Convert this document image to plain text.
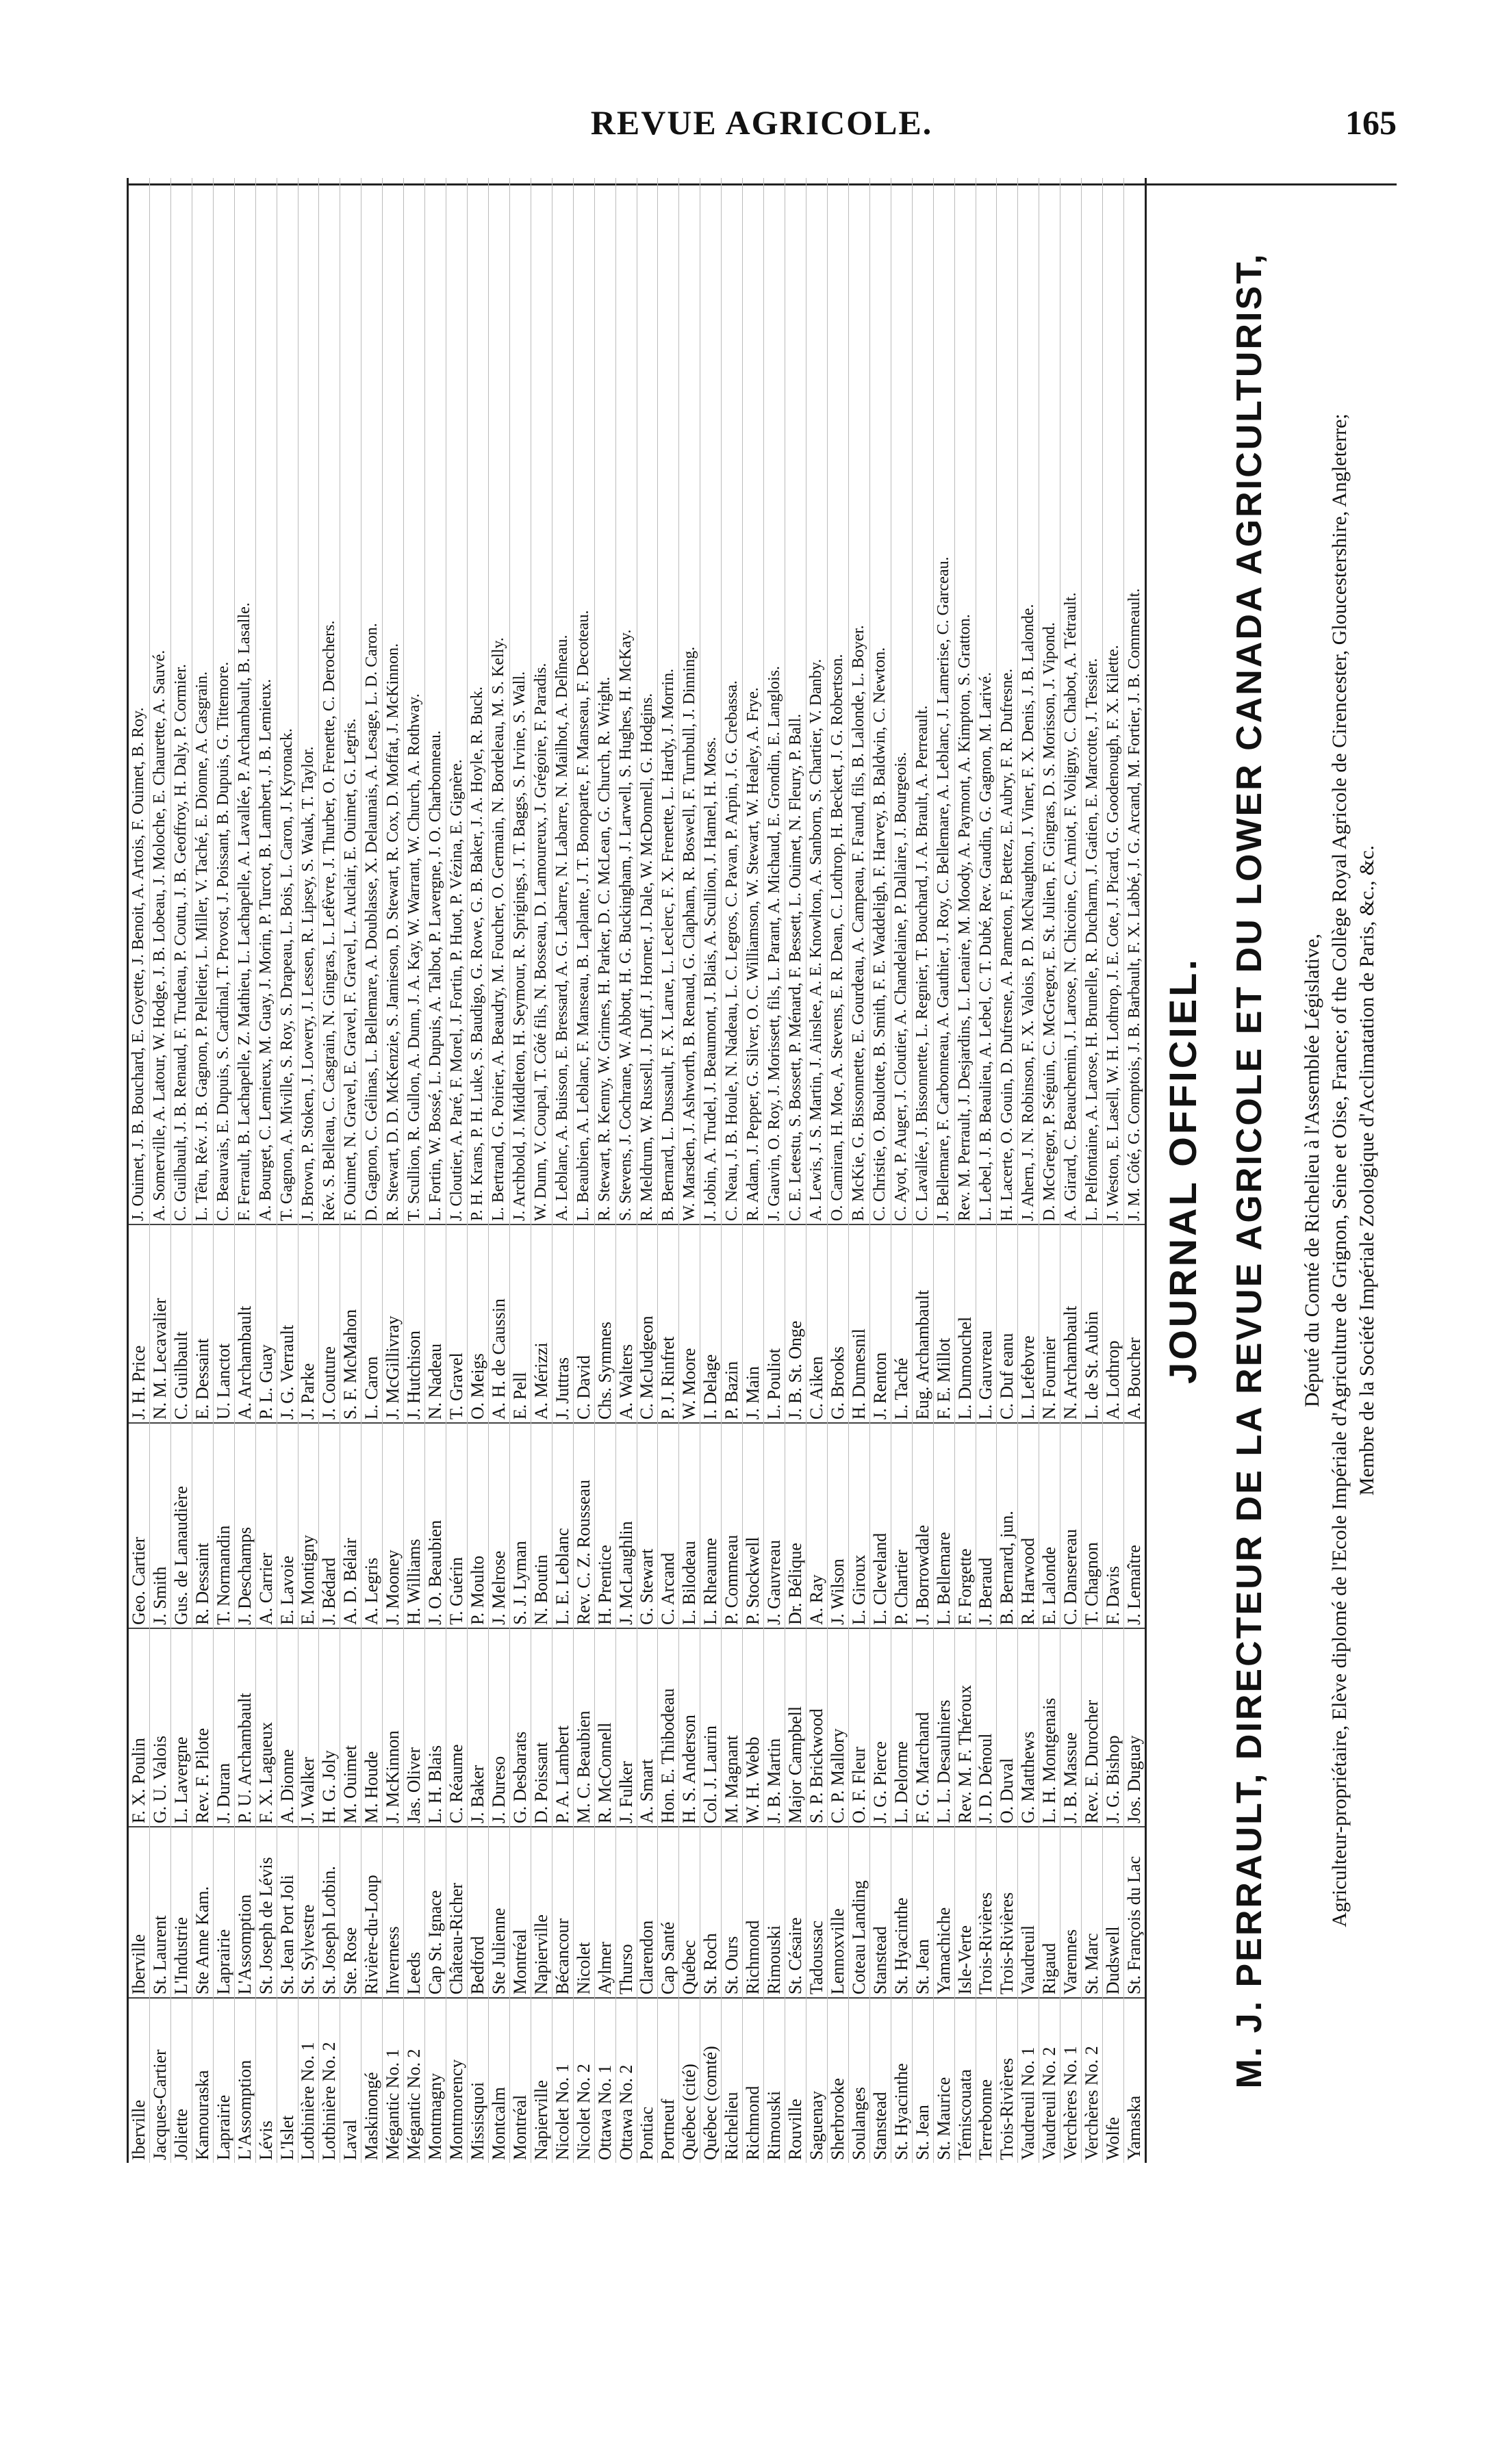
REVUE AGRICOLE.	165
Iberville
Iberville
F. X. Poulin
Geo. Cartier
J. H. Price
J. Ouimet, J. B. Bouchard, E. Goyette, J. Benoit, A. Artois, F. Ouimet, B. Roy.
Jacques-Cartier
St. Laurent
G. U. Valois
J. Smith
N. M. Lecavalier
A. Somerville, A. Latour, W. Hodge, J. B. Lobeau, J. Moloche, E. Chaurette, A. Sauvé.
Joliette
L'Industrie
L. Lavergne
Gus. de Lanaudière
C. Guilbault
C. Guilbault, J. B. Renaud, F. Trudeau, P. Coutu, J. B. Geoffroy, H. Daly, P. Cormier.
Kamouraska
Ste Anne Kam.
Rev. F. Pilote
R. Dessaint
E. Dessaint
L. Têtu, Rév. J. B. Gagnon, P. Pelletier, L. Miller, V. Taché, E. Dionne, A. Casgrain.
Laprairie
Laprairie
J. Duran
T. Normandin
U. Lanctot
C. Beauvais, E. Dupuis, S. Cardinal, T. Provost, J. Poissant, B. Dupuis, G. Tittemore.
L'Assomption
L'Assomption
P. U. Archambault
J. Deschamps
A. Archambault
F. Ferrault, B. Lachapelle, Z. Mathieu, L. Lachapelle, A. Lavallée, P. Archambault, B. Lasalle.
Lévis
St. Joseph de Lévis
F. X. Lagueux
A. Carrier
P. L. Guay
A. Bourget, C. Lemieux, M. Guay, J. Morin, P. Turcot, B. Lambert, J. B. Lemieux.
L'Islet
St. Jean Port Joli
A. Dionne
E. Lavoie
J. G. Verrault
T. Gagnon, A. Miville, S. Roy, S. Drapeau, L. Bois, L. Caron, J. Kyronack.
Lotbinière No. 1
St. Sylvestre
J. Walker
E. Montigny
J. Parke
J. Brown, P. Stoken, J. Lowery, J. Lessen, R. Lipsey, S. Wauk, T. Taylor.
Lotbinière No. 2
St. Joseph Lotbin.
H. G. Joly
J. Bédard
J. Couture
Rév. S. Belleau, C. Casgrain, N. Gingras, L. Lefèvre, J. Thurber, O. Frenette, C. Derochers.
Laval
Ste. Rose
M. Ouimet
A. D. Bélair
S. F. McMahon
F. Ouimet, N. Gravel, E. Gravel, F. Gravel, L. Auclair, E. Ouimet, G. Legris.
Maskinongé
Rivière-du-Loup
M. Houde
A. Legris
L. Caron
D. Gagnon, C. Gélinas, L. Bellemare, A. Doublasse, X. Delaunais, A. Lesage, L. D. Caron.
Mégantic No. 1
Inverness
J. McKinnon
J. Mooney
J. McGillivray
R. Stewart, D. D. McKenzie, S. Jamieson, D. Stewart, R. Cox, D. Moffat, J. McKinnon.
Mégantic No. 2
Leeds
Jas. Oliver
H. Williams
J. Hutchison
T. Scullion, R. Gullon, A. Dunn, J. A. Kay, W. Warrant, W. Church, A. Rothway.
Montmagny
Cap St. Ignace
L. H. Blais
J. O. Beaubien
N. Nadeau
L. Fortin, W. Bossé, L. Dupuis, A. Talbot, P. Lavergne, J. O. Charbonneau.
Montmorency
Château-Richer
C. Réaume
T. Guérin
T. Gravel
J. Cloutier, A. Paré, F. Morel, J. Fortin, P. Huot, P. Vézina, E. Gignère.
Missisquoi
Bedford
J. Baker
P. Moulto
O. Meigs
P. H. Krans, P. H. Luke, S. Baudigo, G. Rowe, G. B. Baker, J. A. Hoyle, R. Buck.
Montcalm
Ste Julienne
J. Dureso
J. Melrose
A. H. de Caussin
L. Bertrand, G. Poirier, A. Beaudry, M. Foucher, O. Germain, N. Bordeleau, M. S. Kelly.
Montréal
Montréal
G. Desbarats
S. J. Lyman
E. Pell
J. Archbold, J. Middleton, H. Seymour, R. Sprigings, J. T. Baggs, S. Irvine, S. Wall.
Napierville
Napierville
D. Poissant
N. Boutin
A. Mérizzi
W. Dunn, V. Coupal, T. Côté fils, N. Bosseau, D. Lamoureux, J. Grégoire, F. Paradis.
Nicolet No. 1
Bécancour
P. A. Lambert
L. E. Leblanc
J. Juttras
A. Leblanc, A. Buisson, E. Bressard, A. G. Labarre, N. Labarre, N. Mailhot, A. Delîneau.
Nicolet No. 2
Nicolet
M. C. Beaubien
Rev. C. Z. Rousseau
C. David
L. Beaubien, A. Leblanc, F. Manseau, B. Laplante, J. T. Bonoparte, F. Manseau, F. Decoteau.
Ottawa No. 1
Aylmer
R. McConnell
H. Prentice
Chs. Symmes
R. Stewart, R. Kenny, W. Grimes, H. Parker, D. C. McLean, G. Church, R. Wright.
Ottawa No. 2
Thurso
J. Fulker
J. McLaughlin
A. Walters
S. Stevens, J. Cochrane, W. Abbott, H. G. Buckingham, J. Larwell, S. Hughes, H. McKay.
Pontiac
Clarendon
A. Smart
G. Stewart
C. McJudgeon
R. Meldrum, W. Russell, J. Duff, J. Horner, J. Dale, W. McDonnell, G. Hodgins.
Portneuf
Cap Santé
Hon. E. Thibodeau
C. Arcand
P. J. Rinfret
B. Bernard, L. Dussault, F. X. Larue, L. Leclerc, F. X. Frenette, L. Hardy, J. Morrin.
Québec (cité)
Québec
H. S. Anderson
L. Bilodeau
W. Moore
W. Marsden, J. Ashworth, B. Renaud, G. Clapham, R. Boswell, F. Turnbull, J. Dinning.
Québec (comté)
St. Roch
Col. J. Laurin
L. Rheaume
I. Delage
J. Jobin, A. Trudel, J. Beaumont, J. Blais, A. Scullion, J. Hamel, H. Moss.
Richelieu
St. Ours
M. Magnant
P. Commeau
P. Bazin
C. Neau, J. B. Houle, N. Nadeau, L. C. Legros, C. Pavan, P. Arpin, J. G. Crebassa.
Richmond
Richmond
W. H. Webb
P. Stockwell
J. Main
R. Adam, J. Pepper, G. Silver, O. C. Williamson, W. Stewart, W. Healey, A. Frye.
Rimouski
Rimouski
J. B. Martin
J. Gauvreau
L. Pouliot
J. Gauvin, O. Roy, J. Morissett, fils, L. Parant, A. Michaud, E. Grondin, E. Langlois.
Rouville
St. Césaire
Major Campbell
Dr. Bélique
J. B. St. Onge
C. E. Letestu, S. Bossett, P. Ménard, F. Bessett, L. Ouimet, N. Fleury, P. Ball.
Saguenay
Tadoussac
S. P. Brickwood
A. Ray
C. Aiken
A. Lewis, J. S. Martin, J. Ainslee, A. E. Knowlton, A. Sanborn, S. Chartier, V. Danby.
Sherbrooke
Lennoxville
C. P. Mallory
J. Wilson
G. Brooks
O. Camiran, H. Moe, A. Stevens, E. R. Dean, C. Lothrop, H. Beckett, J. G. Robertson.
Soulanges
Coteau Landing
O. F. Fleur
L. Giroux
H. Dumesnil
B. McKie, G. Bissonnette, E. Gourdeau, A. Campeau, F. Faund, fils, B. Lalonde, L. Boyer.
Stanstead
Stanstead
J. G. Pierce
L. Cleveland
J. Renton
C. Christie, O. Boulotte, B. Smith, F. E. Waddeligh, F. Harvey, B. Baldwin, C. Newton.
St. Hyacinthe
St. Hyacinthe
L. Delorme
P. Chartier
L. Taché
C. Ayot, P. Auger, J. Cloutier, A. Chandelaine, P. Dallaire, J. Bourgeois.
St. Jean
St. Jean
F. G. Marchand
J. Borrowdale
Eug. Archambault
C. Lavallée, J. Bissonnette, L. Regnier, T. Bouchard, J. A. Brault, A. Perreault.
St. Maurice
Yamachiche
L. L. Desaulniers
L. Bellemare
F. E. Millot
J. Bellemare, F. Carbonneau, A. Gauthier, J. Roy, C. Bellemare, A. Leblanc, J. Lamerise, C. Garceau.
Témiscouata
Isle-Verte
Rev. M. F. Théroux
F. Forgette
L. Dumouchel
Rev. M. Perrault, J. Desjardins, L. Lenaire, M. Moody, A. Paymont, A. Kimpton, S. Gratton.
Terrebonne
Trois-Rivières
J. D. Dénoul
J. Beraud
L. Gauvreau
L. Lebel, J. B. Beaulieu, A. Lebel, C. T. Dubé, Rev. Gaudin, G. Gagnon, M. Larivé.
Trois-Rivières
Trois-Rivières
O. Duval
B. Bernard, jun.
C. Duf eanu
H. Lacerte, O. Gouin, D. Dufresne, A. Pameton, F. Bettez, E. Aubry, F. R. Dufresne.
Vaudreuil No. 1
Vaudreuil
G. Matthews
R. Harwood
L. Lefebvre
J. Ahern, J. N. Robinson, F. X. Valois, P. D. McNaughton, J. Viner, F. X. Denis, J. B. Lalonde.
Vaudreuil No. 2
Rigaud
L. H. Montgenais
E. Lalonde
N. Fournier
D. McGregor, P. Séguin, C. McGregor, E. St. Julien, F. Gingras, D. S. Morisson, J. Vipond.
Verchères No. 1
Varennes
J. B. Massue
C. Dansereau
N. Archambault
A. Girard, C. Beauchemin, J. Larose, N. Chicoine, C. Amiot, F. Voligny, C. Chabot, A. Tétrault.
Verchères No. 2
St. Marc
Rev. E. Durocher
T. Chagnon
L. de St. Aubin
L. Pelfontaine, A. Larose, H. Brunelle, R. Ducharm, J. Gatien, E. Marcotte, J. Tessier.
Wolfe
Dudswell
J. G. Bishop
F. Davis
A. Lothrop
J. Weston, E. Lasell, W. H. Lothrop, J. E. Cote, J. Picard, G. Goodenough, F. X. Kilette.
Yamaska
St. François du Lac
Jos. Duguay
J. Lemaître
A. Boucher
J. M. Côté, G. Comptois, J. B. Barbault, F. X. Labbé, J. G. Arcand, M. Fortier, J. B. Commeault. JOURNAL OFFICIEL. M. J. PERRAULT, DIRECTEUR DE LA REVUE AGRICOLE ET DU LOWER CANADA AGRICULTURIST, Député du Comté de Richelieu à l'Assemblée Législative, Agriculteur-propriétaire, Elève diplomé de l'Ecole Impériale d'Agriculture de Grignon, Seine et Oise, France; of the Collège Royal Agricole de Cirencester, Gloucestershire, Angleterre; Membre de la Société Impériale Zoologique d'Acclimatation de Paris, &c., &c.
